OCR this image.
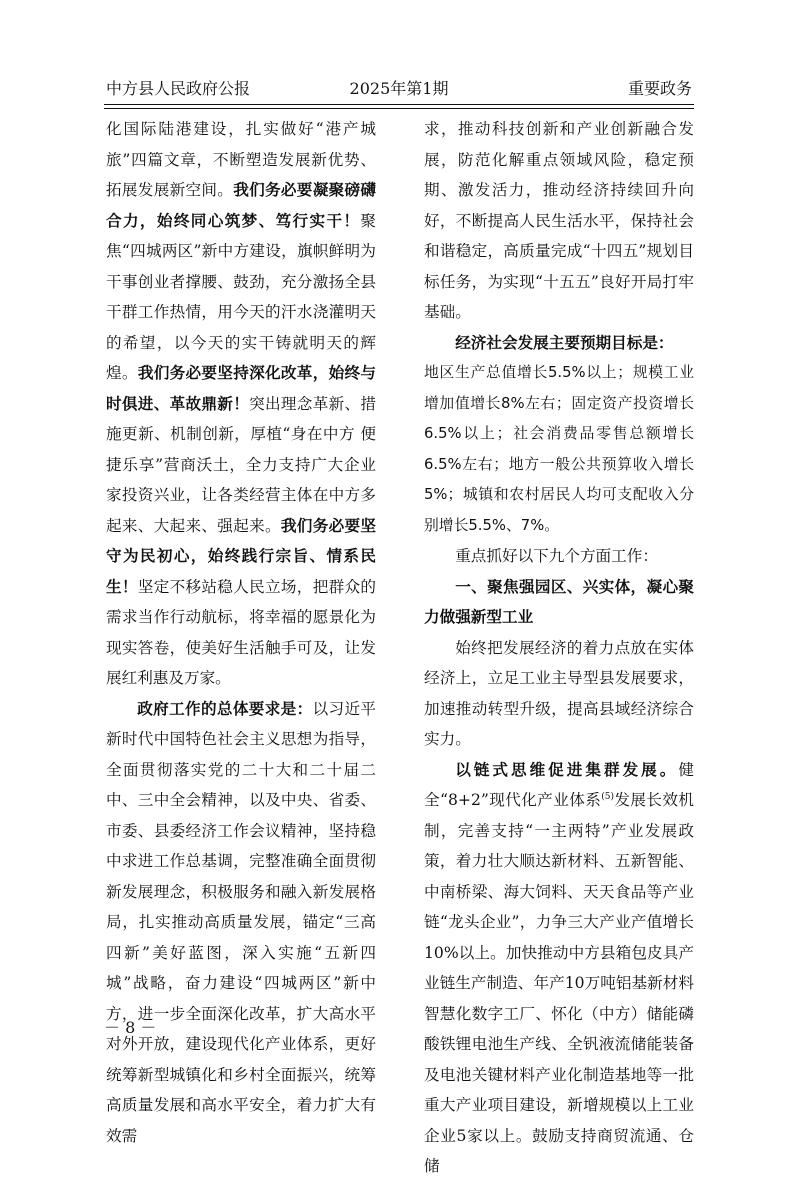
中方县人民政府公报	2025年第1期	重要政务

化国际陆港建设，扎实做好“港产城旅”四篇文章，不断塑造发展新优势、拓展发展新空间。我们务必要凝聚磅礴合力，始终同心筑梦、笃行实干！聚焦“四城两区”新中方建设，旗帜鲜明为干事创业者撑腰、鼓劲，充分激扬全县干群工作热情，用今天的汗水浇灌明天的希望，以今天的实干铸就明天的辉煌。我们务必要坚持深化改革，始终与时俱进、革故鼎新！突出理念革新、措施更新、机制创新，厚植“身在中方 便捷乐享”营商沃土，全力支持广大企业家投资兴业，让各类经营主体在中方多起来、大起来、强起来。我们务必要坚守为民初心，始终践行宗旨、情系民生！坚定不移站稳人民立场，把群众的需求当作行动航标，将幸福的愿景化为现实答卷，使美好生活触手可及，让发展红利惠及万家。

政府工作的总体要求是：以习近平新时代中国特色社会主义思想为指导，全面贯彻落实党的二十大和二十届二中、三中全会精神，以及中央、省委、市委、县委经济工作会议精神，坚持稳中求进工作总基调，完整准确全面贯彻新发展理念，积极服务和融入新发展格局，扎实推动高质量发展，锚定“三高四新”美好蓝图，深入实施“五新四城”战略，奋力建设“四城两区”新中方，进一步全面深化改革，扩大高水平对外开放，建设现代化产业体系，更好统筹新型城镇化和乡村全面振兴，统筹高质量发展和高水平安全，着力扩大有效需

求，推动科技创新和产业创新融合发展，防范化解重点领域风险，稳定预期、激发活力，推动经济持续回升向好，不断提高人民生活水平，保持社会和谐稳定，高质量完成“十四五”规划目标任务，为实现“十五五”良好开局打牢基础。

经济社会发展主要预期目标是：

地区生产总值增长5.5%以上；规模工业增加值增长8%左右；固定资产投资增长6.5%以上；社会消费品零售总额增长6.5%左右；地方一般公共预算收入增长5%；城镇和农村居民人均可支配收入分别增长5.5%、7%。

重点抓好以下九个方面工作：

一、聚焦强园区、兴实体，凝心聚力做强新型工业

始终把发展经济的着力点放在实体经济上，立足工业主导型县发展要求，加速推动转型升级，提高县域经济综合实力。

以链式思维促进集群发展。健全“8+2”现代化产业体系$^{(5)}$发展长效机制，完善支持“一主两特”产业发展政策，着力壮大顺达新材料、五新智能、中南桥梁、海大饲料、天天食品等产业链“龙头企业”，力争三大产业产值增长10%以上。加快推动中方县箱包皮具产业链生产制造、年产10万吨铝基新材料智慧化数字工厂、怀化（中方）储能磷酸铁锂电池生产线、全钒液流储能装备及电池关键材料产业化制造基地等一批重大产业项目建设，新增规模以上工业企业5家以上。鼓励支持商贸流通、仓储

－ 8 －
